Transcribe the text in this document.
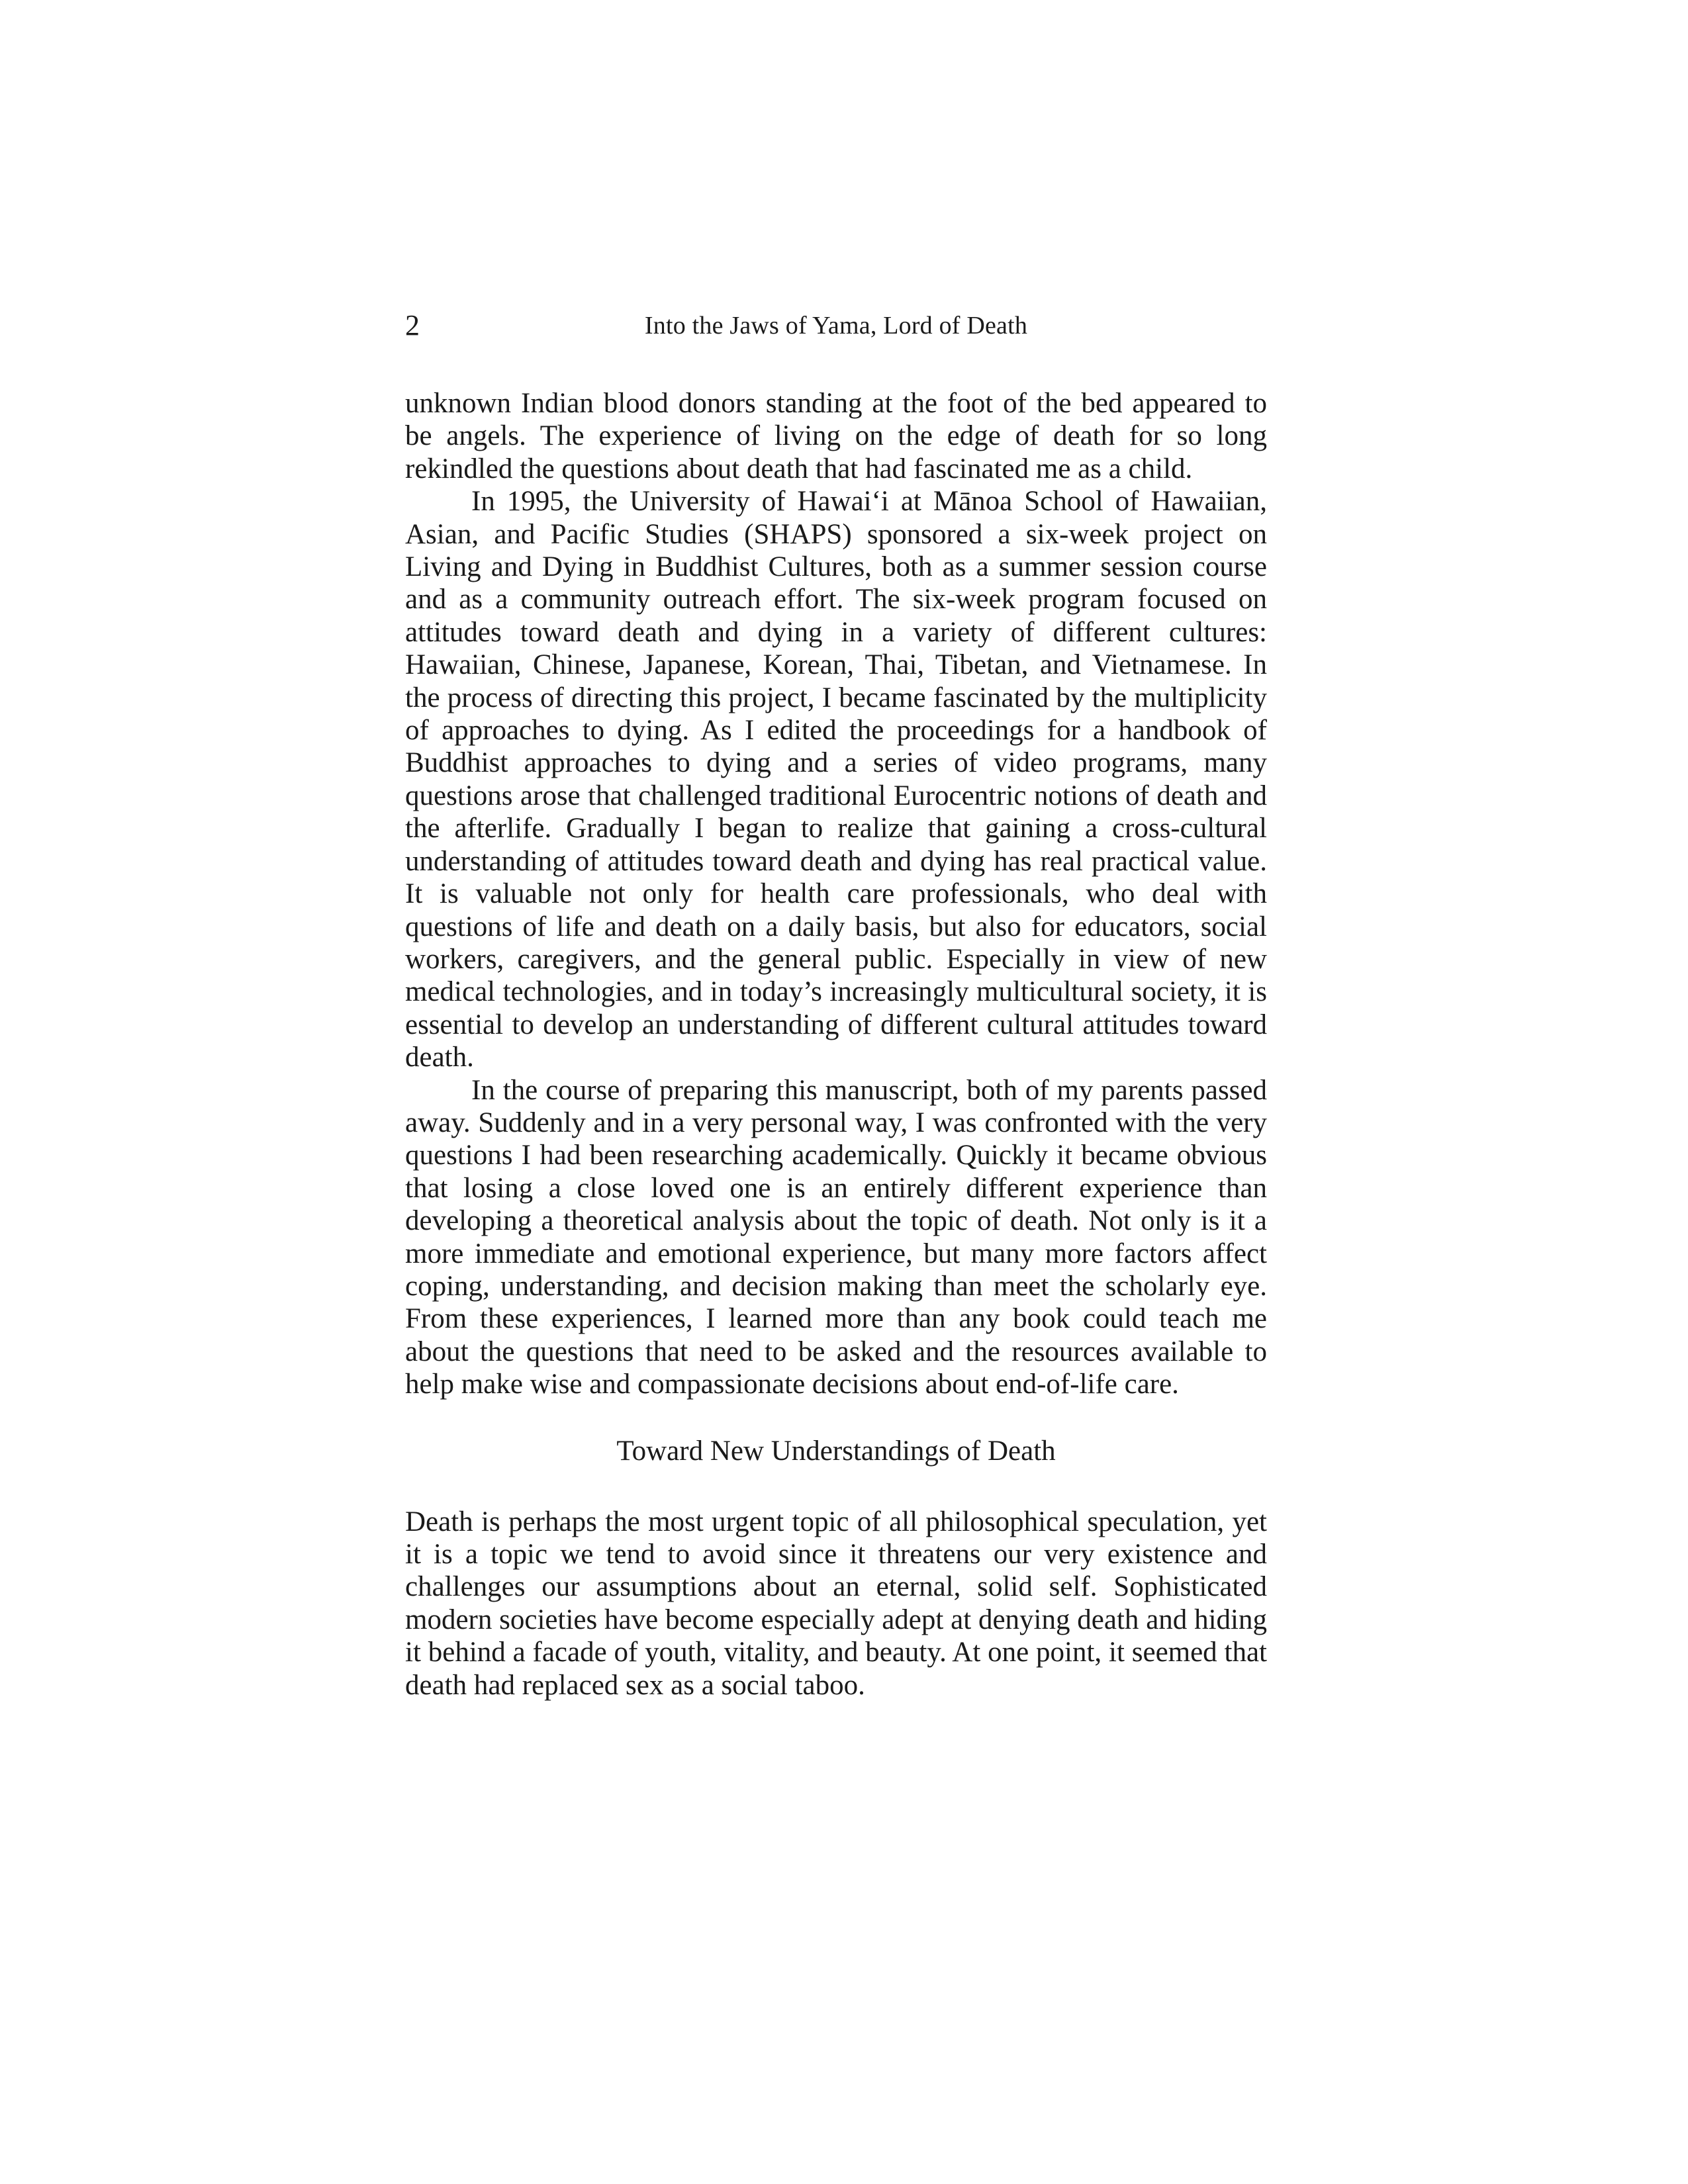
2	Into the Jaws of Yama, Lord of Death

unknown Indian blood donors standing at the foot of the bed appeared to be angels. The experience of living on the edge of death for so long rekindled the questions about death that had fascinated me as a child.

In 1995, the University of Hawai‘i at Mānoa School of Hawaiian, Asian, and Pacific Studies (SHAPS) sponsored a six-week project on Living and Dying in Buddhist Cultures, both as a summer session course and as a community outreach effort. The six-week program focused on attitudes toward death and dying in a variety of different cultures: Hawaiian, Chinese, Japanese, Korean, Thai, Tibetan, and Vietnamese. In the process of directing this project, I became fascinated by the multiplicity of approaches to dying. As I edited the proceedings for a handbook of Buddhist approaches to dying and a series of video programs, many questions arose that challenged traditional Eurocentric notions of death and the afterlife. Gradually I began to realize that gaining a cross-cultural understanding of attitudes toward death and dying has real practical value. It is valuable not only for health care professionals, who deal with questions of life and death on a daily basis, but also for educators, social workers, caregivers, and the general public. Especially in view of new medical technologies, and in today’s increasingly multicultural society, it is essential to develop an understanding of different cultural attitudes toward death.

In the course of preparing this manuscript, both of my parents passed away. Suddenly and in a very personal way, I was confronted with the very questions I had been researching academically. Quickly it became obvious that losing a close loved one is an entirely different experience than developing a theoretical analysis about the topic of death. Not only is it a more immediate and emotional experience, but many more factors affect coping, understanding, and decision making than meet the scholarly eye. From these experiences, I learned more than any book could teach me about the questions that need to be asked and the resources available to help make wise and compassionate decisions about end-of-life care.

Toward New Understandings of Death

Death is perhaps the most urgent topic of all philosophical speculation, yet it is a topic we tend to avoid since it threatens our very existence and challenges our assumptions about an eternal, solid self. Sophisticated modern societies have become especially adept at denying death and hiding it behind a facade of youth, vitality, and beauty. At one point, it seemed that death had replaced sex as a social taboo.
